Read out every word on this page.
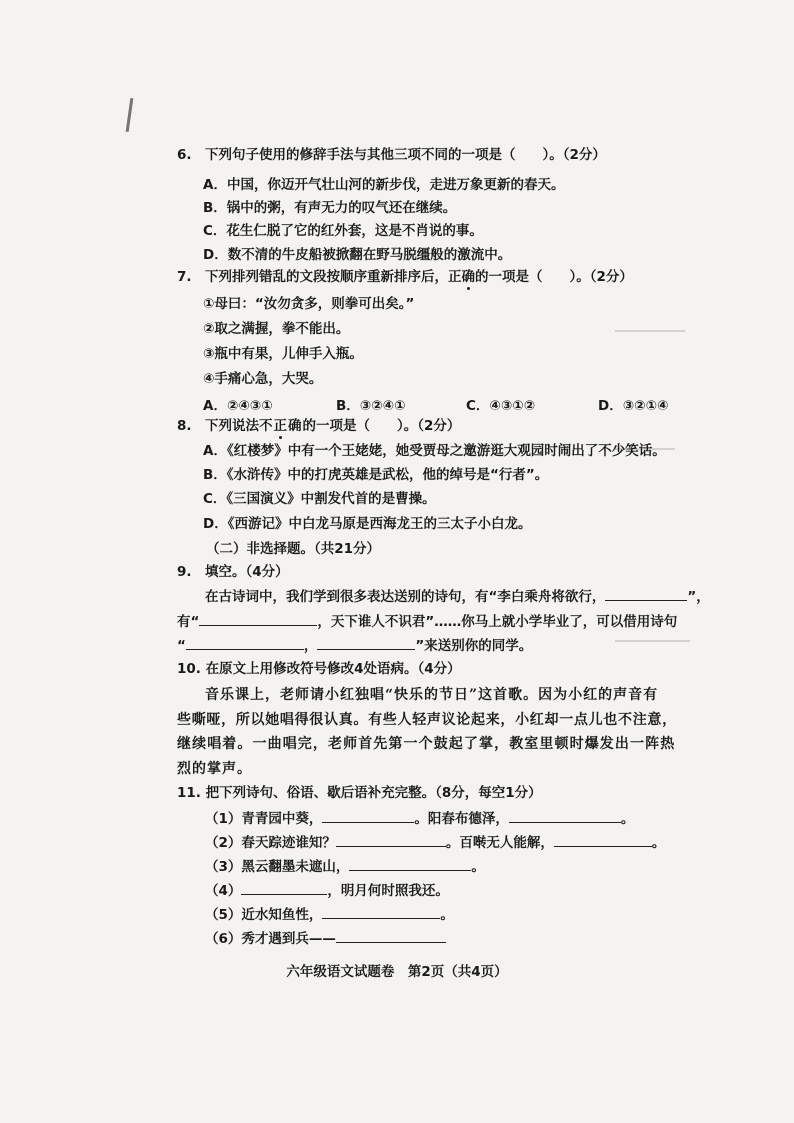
6.　下列句子使用的修辞手法与其他三项不同的一项是（　　）。（2分）
A．中国，你迈开气壮山河的新步伐，走进万象更新的春天。
B．锅中的粥，有声无力的叹气还在继续。
C．花生仁脱了它的红外套，这是不肖说的事。
D．数不清的牛皮船被掀翻在野马脱缰般的激流中。
7.　下列排列错乱的文段按顺序重新排序后，正确的一项是（　　）。（2分）
①母曰：“汝勿贪多，则拳可出矣。”
②取之满握，拳不能出。
③瓶中有果，儿伸手入瓶。
④手痛心急，大哭。
A．②④③①	B．③②④①	C．④③①②	D．③②①④
8.　下列说法不正确的一项是（　　）。（2分）
A．《红楼梦》中有一个王姥姥，她受贾母之邀游逛大观园时闹出了不少笑话。
B．《水浒传》中的打虎英雄是武松，他的绰号是“行者”。
C．《三国演义》中割发代首的是曹操。
D．《西游记》中白龙马原是西海龙王的三太子小白龙。
（二）非选择题。（共21分）
9.　填空。（4分）
在古诗词中，我们学到很多表达送别的诗句，有“李白乘舟将欲行，	”，
有“	，天下谁人不识君”……你马上就小学毕业了，可以借用诗句
“	，	”来送别你的同学。
10. 在原文上用修改符号修改4处语病。（4分）
音乐课上，老师请小红独唱“快乐的节日”这首歌。因为小红的声音有
些嘶哑，所以她唱得很认真。有些人轻声议论起来，小红却一点儿也不注意，
继续唱着。一曲唱完，老师首先第一个鼓起了掌，教室里顿时爆发出一阵热
烈的掌声。
11. 把下列诗句、俗语、歇后语补充完整。（8分，每空1分）
（1）青青园中葵，	。阳春布德泽，	。
（2）春天踪迹谁知？	。百啭无人能解，	。
（3）黑云翻墨未遮山，	。
（4）	，明月何时照我还。
（5）近水知鱼性，	。
（6）秀才遇到兵——
六年级语文试题卷　第2页（共4页）
